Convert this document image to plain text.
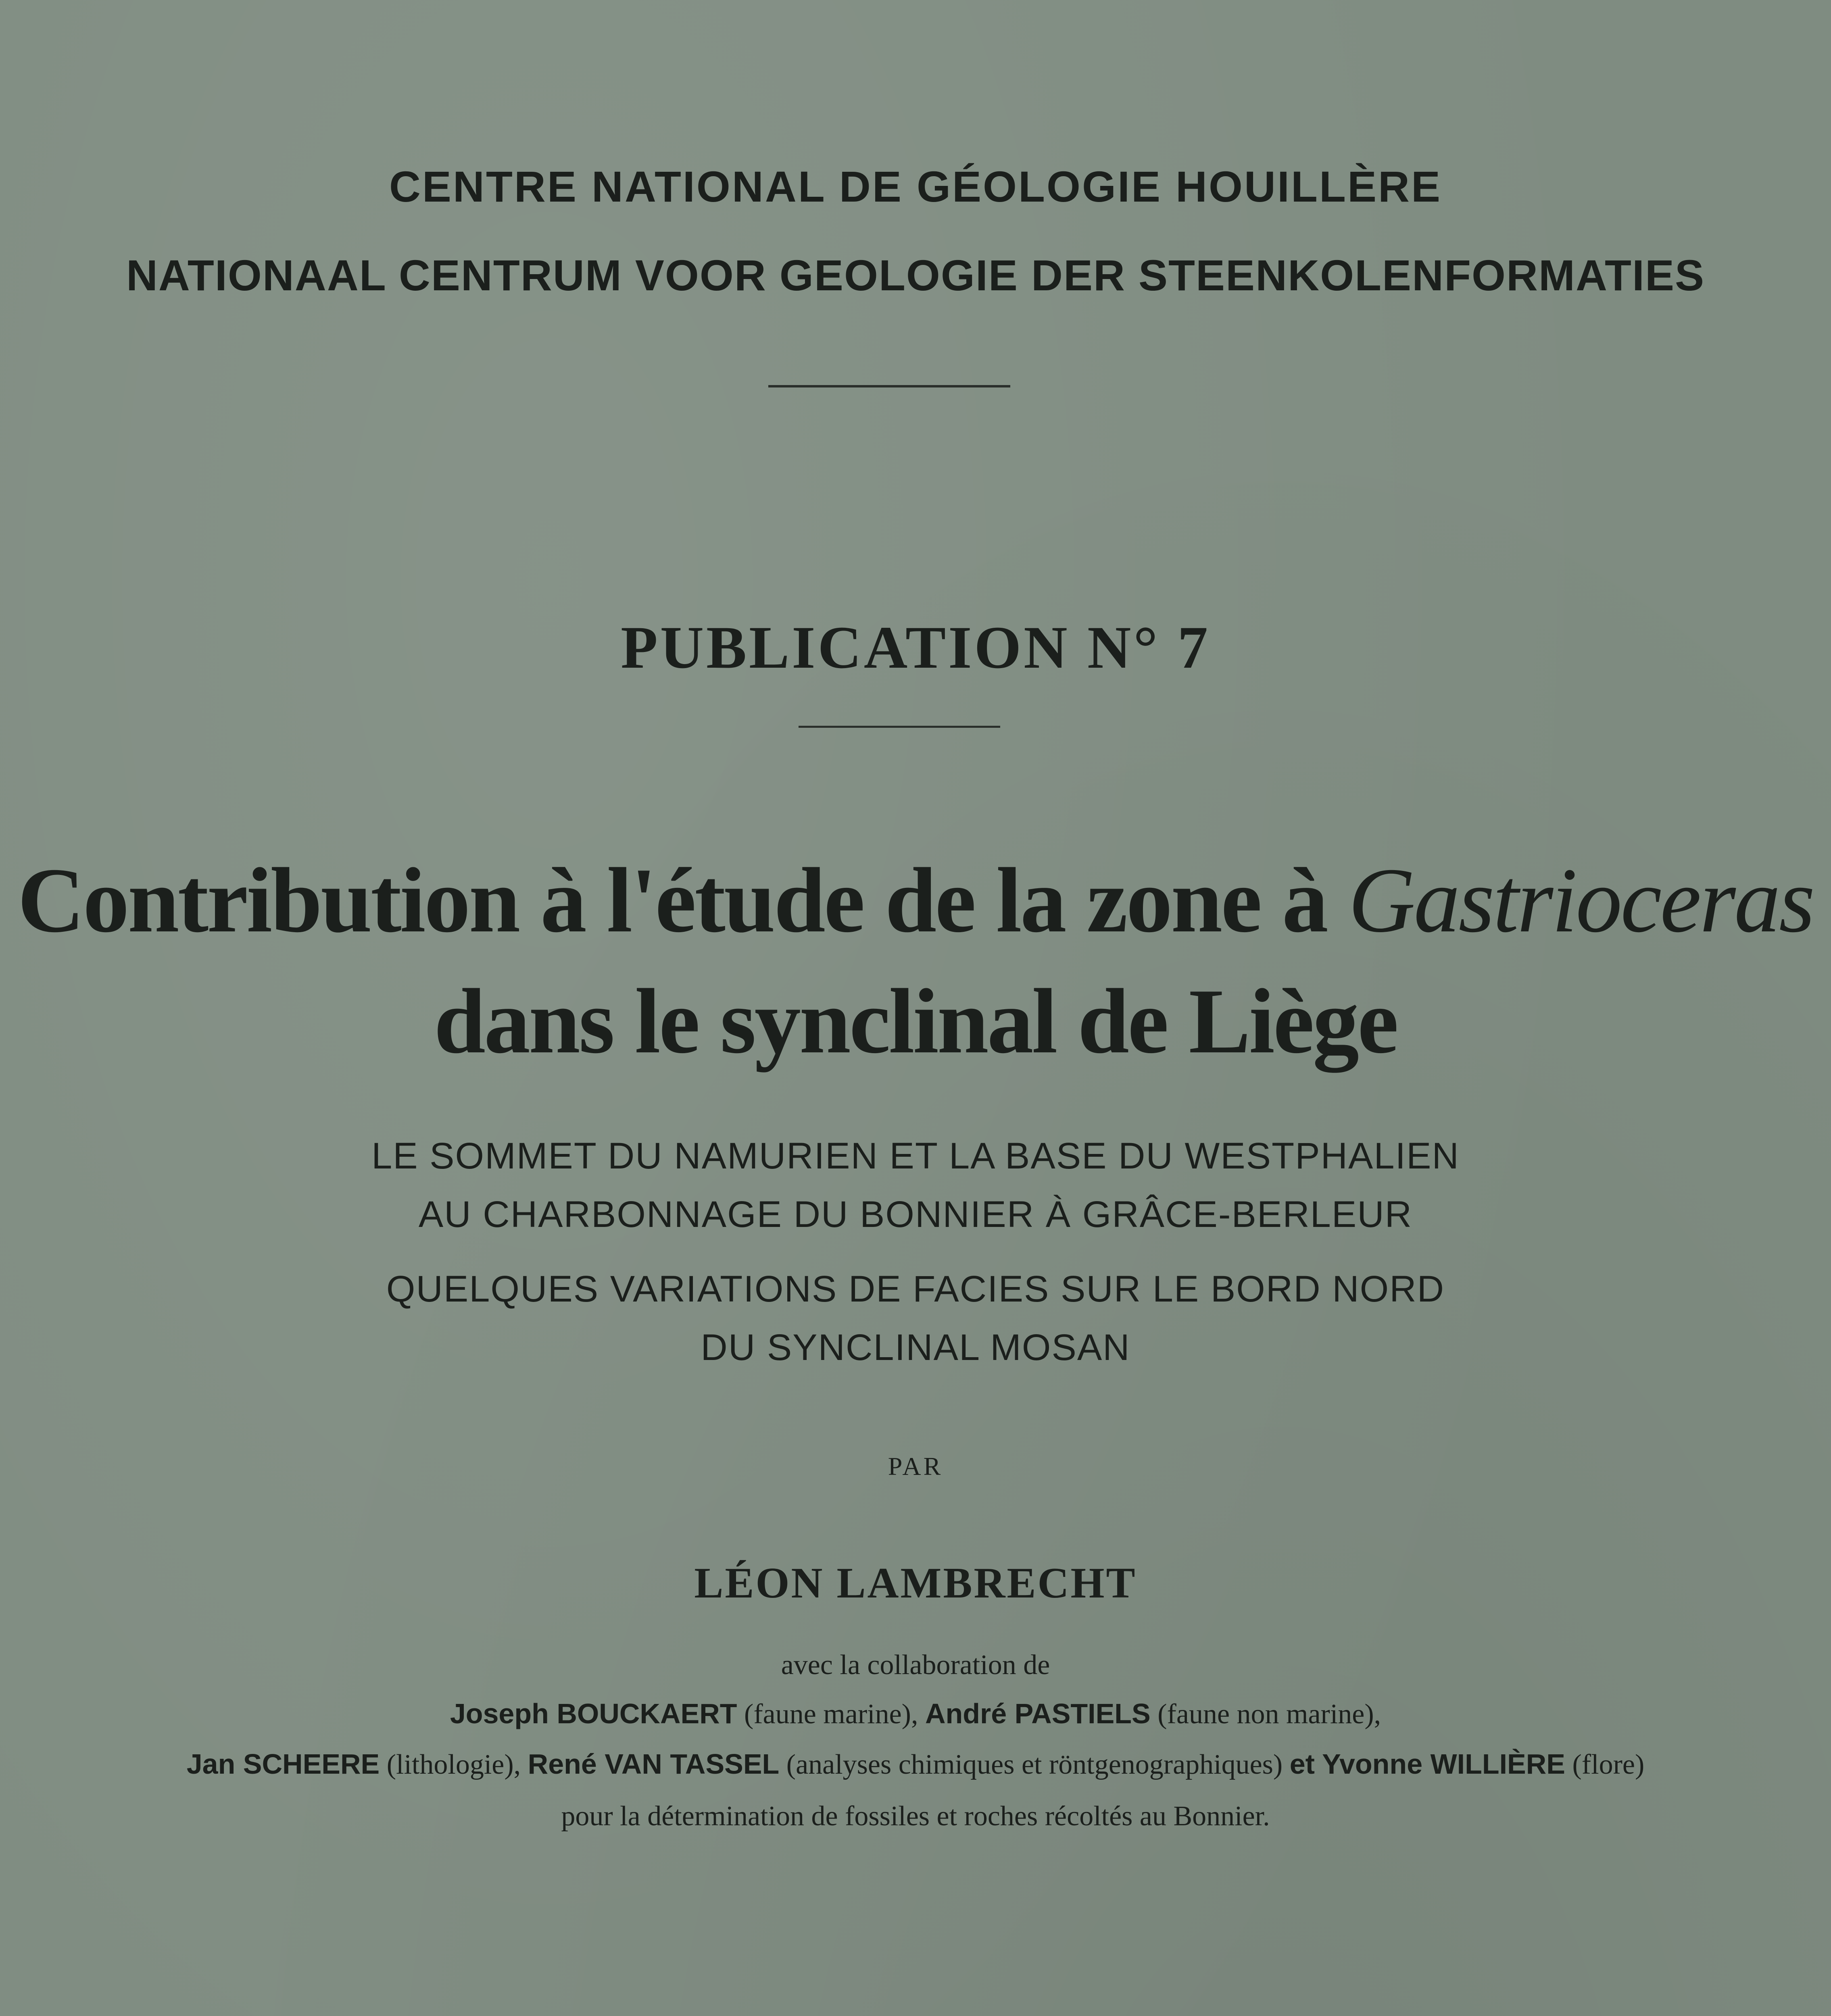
CENTRE NATIONAL DE GÉOLOGIE HOUILLÈRE
NATIONAAL CENTRUM VOOR GEOLOGIE DER STEENKOLENFORMATIES
PUBLICATION N° 7
Contribution à l'étude de la zone à Gastrioceras
dans le synclinal de Liège
LE SOMMET DU NAMURIEN ET LA BASE DU WESTPHALIEN
AU CHARBONNAGE DU BONNIER À GRÂCE-BERLEUR
QUELQUES VARIATIONS DE FACIES SUR LE BORD NORD
DU SYNCLINAL MOSAN
PAR
LÉON LAMBRECHT
avec la collaboration de
Joseph BOUCKAERT (faune marine), André PASTIELS (faune non marine),
Jan SCHEERE (lithologie), René VAN TASSEL (analyses chimiques et röntgenographiques) et Yvonne WILLIÈRE (flore)
pour la détermination de fossiles et roches récoltés au Bonnier.
